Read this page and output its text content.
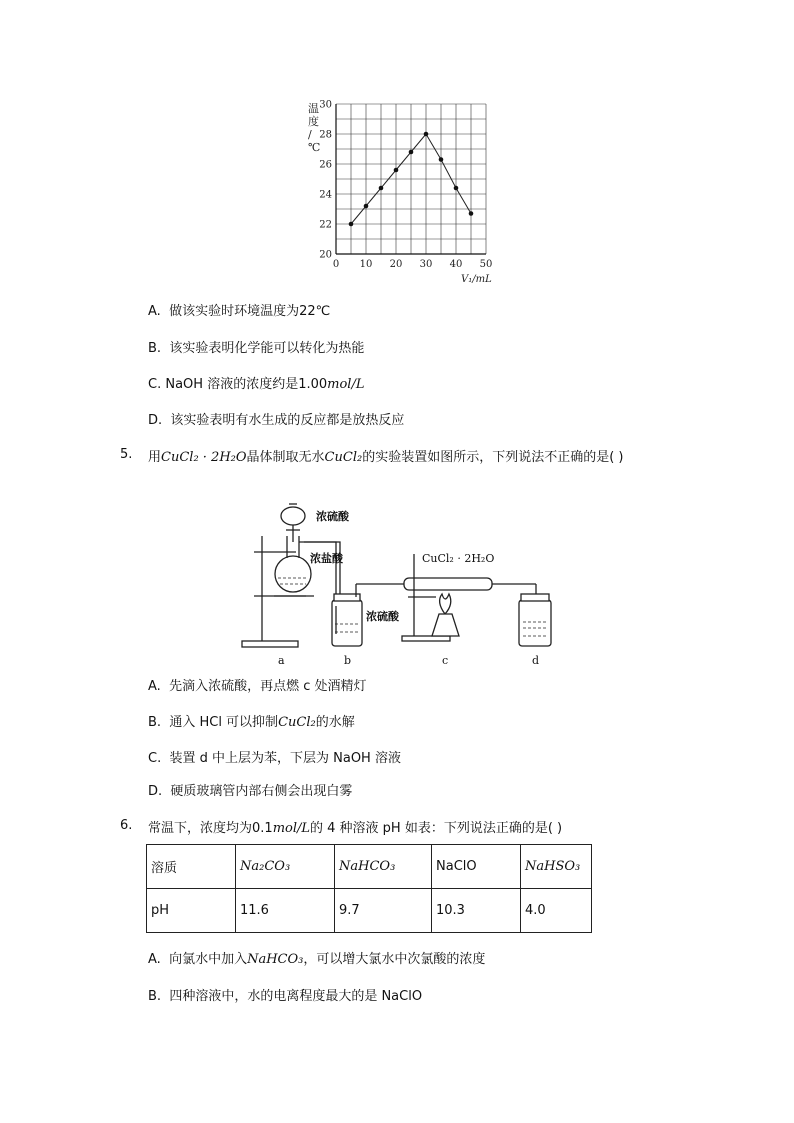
20
22
24
26
28
30
0 10 20 30 40 50
温度/ ℃
V₁/mL
A. 做该实验时环境温度为22℃
B. 该实验表明化学能可以转化为热能
C. NaOH 溶液的浓度约是1.00mol/L
D. 该实验表明有水生成的反应都是放热反应
5. 用CuCl₂ · 2H₂O晶体制取无水CuCl₂的实验装置如图所示，下列说法不正确的是( )
浓硫酸
浓盐酸
浓硫酸
CuCl₂ · 2H₂O
a	b	c	d
A. 先滴入浓硫酸，再点燃 c 处酒精灯
B. 通入 HCl 可以抑制CuCl₂的水解
C. 装置 d 中上层为苯，下层为 NaOH 溶液
D. 硬质玻璃管内部右侧会出现白雾
6. 常温下，浓度均为0.1mol/L的 4 种溶液 pH 如表：下列说法正确的是( )
溶质	Na₂CO₃	NaHCO₃	NaClO	NaHSO₃
pH	11.6	9.7	10.3	4.0
A. 向氯水中加入NaHCO₃，可以增大氯水中次氯酸的浓度
B. 四种溶液中，水的电离程度最大的是 NaClO
